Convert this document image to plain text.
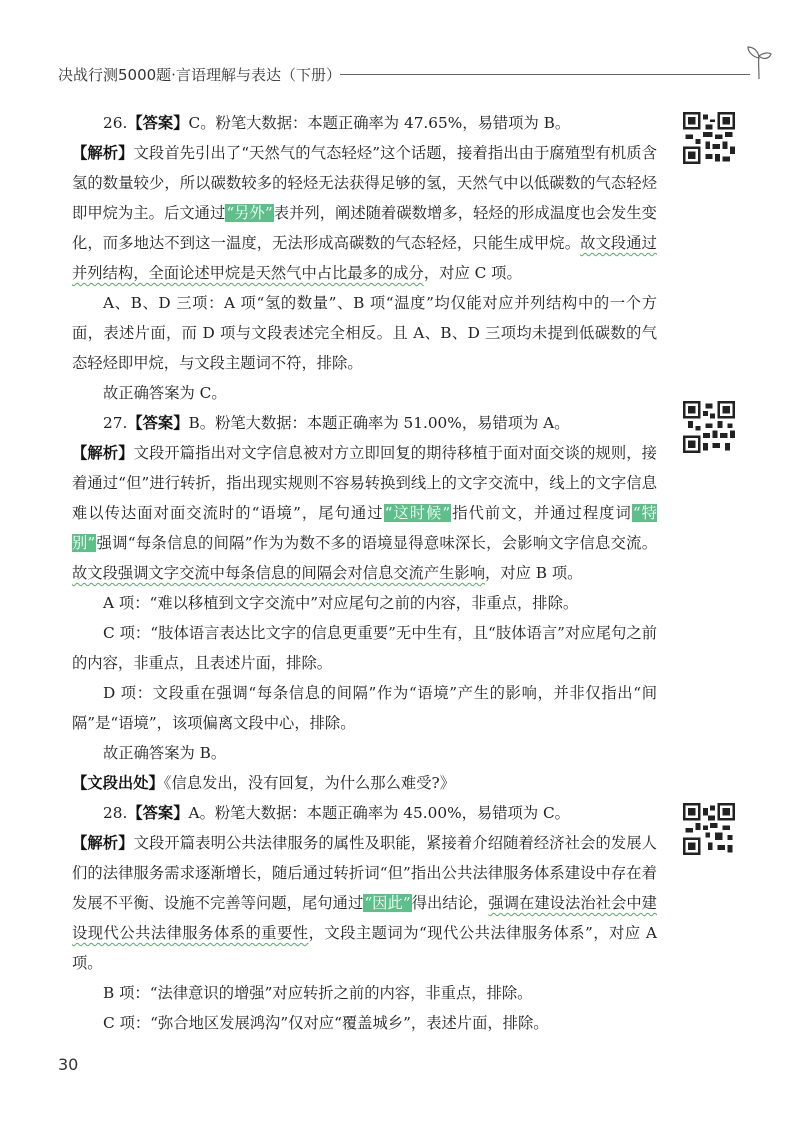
决战行测5000题·言语理解与表达（下册）

26.【答案】C。粉笔大数据：本题正确率为 47.65%，易错项为 B。

【解析】文段首先引出了“天然气的气态轻烃”这个话题，接着指出由于腐殖型有机质含氢的数量较少，所以碳数较多的轻烃无法获得足够的氢，天然气中以低碳数的气态轻烃即甲烷为主。后文通过“另外”表并列，阐述随着碳数增多，轻烃的形成温度也会发生变化，而多地达不到这一温度，无法形成高碳数的气态轻烃，只能生成甲烷。故文段通过并列结构，全面论述甲烷是天然气中占比最多的成分，对应 C 项。

A、B、D 三项：A 项“氢的数量”、B 项“温度”均仅能对应并列结构中的一个方面，表述片面，而 D 项与文段表述完全相反。且 A、B、D 三项均未提到低碳数的气态轻烃即甲烷，与文段主题词不符，排除。

故正确答案为 C。

27.【答案】B。粉笔大数据：本题正确率为 51.00%，易错项为 A。

【解析】文段开篇指出对文字信息被对方立即回复的期待移植于面对面交谈的规则，接着通过“但”进行转折，指出现实规则不容易转换到线上的文字交流中，线上的文字信息难以传达面对面交流时的“语境”，尾句通过“这时候”指代前文，并通过程度词“特别”强调“每条信息的间隔”作为为数不多的语境显得意味深长，会影响文字信息交流。故文段强调文字交流中每条信息的间隔会对信息交流产生影响，对应 B 项。

A 项：“难以移植到文字交流中”对应尾句之前的内容，非重点，排除。

C 项：“肢体语言表达比文字的信息更重要”无中生有，且“肢体语言”对应尾句之前的内容，非重点，且表述片面，排除。

D 项：文段重在强调“每条信息的间隔”作为“语境”产生的影响，并非仅指出“间隔”是“语境”，该项偏离文段中心，排除。

故正确答案为 B。

【文段出处】《信息发出，没有回复，为什么那么难受?》

28.【答案】A。粉笔大数据：本题正确率为 45.00%，易错项为 C。

【解析】文段开篇表明公共法律服务的属性及职能，紧接着介绍随着经济社会的发展人们的法律服务需求逐渐增长，随后通过转折词“但”指出公共法律服务体系建设中存在着发展不平衡、设施不完善等问题，尾句通过“因此”得出结论，强调在建设法治社会中建设现代公共法律服务体系的重要性，文段主题词为“现代公共法律服务体系”，对应 A 项。

B 项：“法律意识的增强”对应转折之前的内容，非重点，排除。

C 项：“弥合地区发展鸿沟”仅对应“覆盖城乡”，表述片面，排除。

30
